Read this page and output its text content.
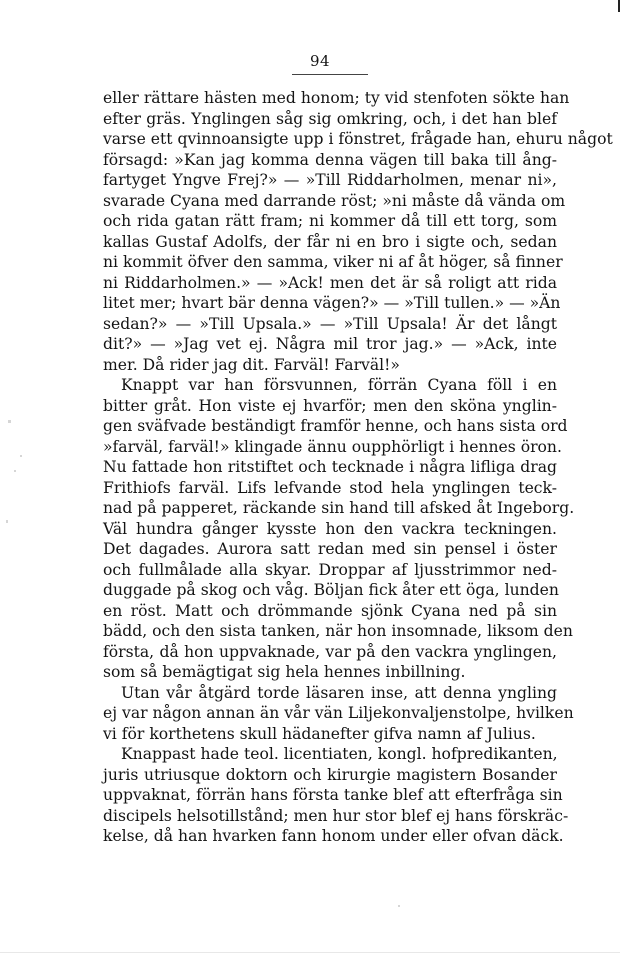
94
eller rättare hästen med honom; ty vid stenfoten sökte han
efter gräs. Ynglingen såg sig omkring, och, i det han blef
varse ett qvinnoansigte upp i fönstret, frågade han, ehuru något
försagd: »Kan jag komma denna vägen till baka till ång-
fartyget Yngve Frej?» — »Till Riddarholmen, menar ni»,
svarade Cyana med darrande röst; »ni måste då vända om
och rida gatan rätt fram; ni kommer då till ett torg, som
kallas Gustaf Adolfs, der får ni en bro i sigte och, sedan
ni kommit öfver den samma, viker ni af åt höger, så finner
ni Riddarholmen.» — »Ack! men det är så roligt att rida
litet mer; hvart bär denna vägen?» — »Till tullen.» — »Än
sedan?» — »Till Upsala.» — »Till Upsala! Är det långt
dit?» — »Jag vet ej. Några mil tror jag.» — »Ack, inte
mer. Då rider jag dit. Farväl! Farväl!»
Knappt var han försvunnen, förrän Cyana föll i en
bitter gråt. Hon viste ej hvarför; men den sköna ynglin-
gen sväfvade beständigt framför henne, och hans sista ord
»farväl, farväl!» klingade ännu oupphörligt i hennes öron.
Nu fattade hon ritstiftet och tecknade i några lifliga drag
Frithiofs farväl. Lifs lefvande stod hela ynglingen teck-
nad på papperet, räckande sin hand till afsked åt Ingeborg.
Väl hundra gånger kysste hon den vackra teckningen.
Det dagades. Aurora satt redan med sin pensel i öster
och fullmålade alla skyar. Droppar af ljusstrimmor ned-
duggade på skog och våg. Böljan fick åter ett öga, lunden
en röst. Matt och drömmande sjönk Cyana ned på sin
bädd, och den sista tanken, när hon insomnade, liksom den
första, då hon uppvaknade, var på den vackra ynglingen,
som så bemägtigat sig hela hennes inbillning.
Utan vår åtgärd torde läsaren inse, att denna yngling
ej var någon annan än vår vän Liljekonvaljenstolpe, hvilken
vi för korthetens skull hädanefter gifva namn af Julius.
Knappast hade teol. licentiaten, kongl. hofpredikanten,
juris utriusque doktorn och kirurgie magistern Bosander
uppvaknat, förrän hans första tanke blef att efterfråga sin
discipels helsotillstånd; men hur stor blef ej hans förskräc-
kelse, då han hvarken fann honom under eller ofvan däck.
